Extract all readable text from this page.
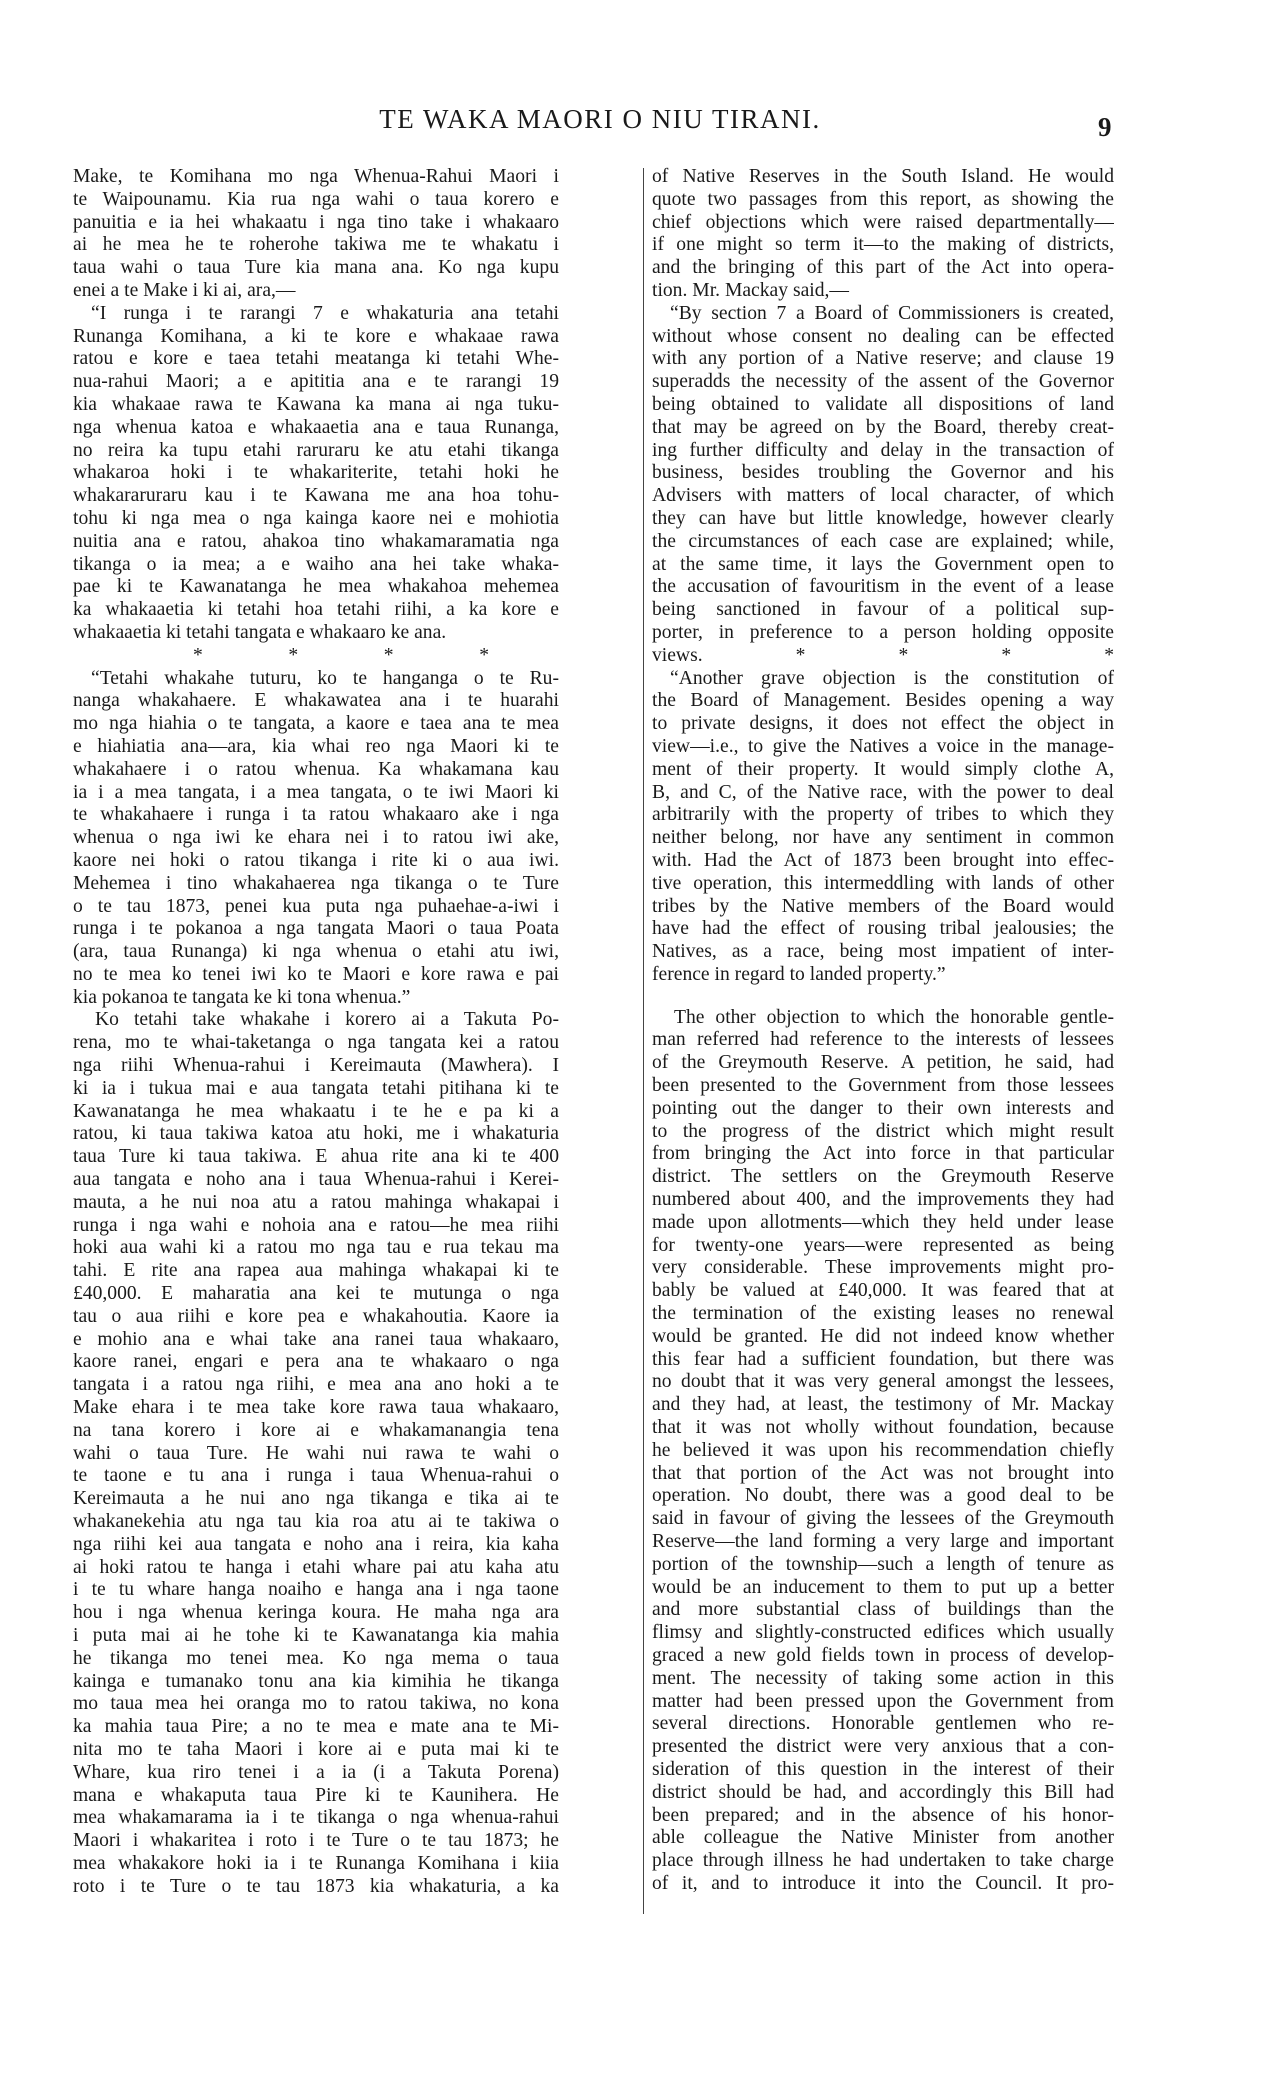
TE WAKA MAORI O NIU TIRANI.	9
Make, te Komihana mo nga Whenua-Rahui Maori i
te Waipounamu. Kia rua nga wahi o taua korero e
panuitia e ia hei whakaatu i nga tino take i whakaaro
ai he mea he te roherohe takiwa me te whakatu i
taua wahi o taua Ture kia mana ana. Ko nga kupu
enei a te Make i ki ai, ara,—
“I runga i te rarangi 7 e whakaturia ana tetahi
Runanga Komihana, a ki te kore e whakaae rawa
ratou e kore e taea tetahi meatanga ki tetahi Whe-
nua-rahui Maori; a e apititia ana e te rarangi 19
kia whakaae rawa te Kawana ka mana ai nga tuku-
nga whenua katoa e whakaaetia ana e taua Runanga,
no reira ka tupu etahi raruraru ke atu etahi tikanga
whakaroa hoki i te whakariterite, tetahi hoki he
whakararuraru kau i te Kawana me ana hoa tohu-
tohu ki nga mea o nga kainga kaore nei e mohiotia
nuitia ana e ratou, ahakoa tino whakamaramatia nga
tikanga o ia mea; a e waiho ana hei take whaka-
pae ki te Kawanatanga he mea whakahoa mehemea
ka whakaaetia ki tetahi hoa tetahi riihi, a ka kore e
whakaaetia ki tetahi tangata e whakaaro ke ana.
* * * *
“Tetahi whakahe tuturu, ko te hanganga o te Ru-
nanga whakahaere. E whakawatea ana i te huarahi
mo nga hiahia o te tangata, a kaore e taea ana te mea
e hiahiatia ana—ara, kia whai reo nga Maori ki te
whakahaere i o ratou whenua. Ka whakamana kau
ia i a mea tangata, i a mea tangata, o te iwi Maori ki
te whakahaere i runga i ta ratou whakaaro ake i nga
whenua o nga iwi ke ehara nei i to ratou iwi ake,
kaore nei hoki o ratou tikanga i rite ki o aua iwi.
Mehemea i tino whakahaerea nga tikanga o te Ture
o te tau 1873, penei kua puta nga puhaehae-a-iwi i
runga i te pokanoa a nga tangata Maori o taua Poata
(ara, taua Runanga) ki nga whenua o etahi atu iwi,
no te mea ko tenei iwi ko te Maori e kore rawa e pai
kia pokanoa te tangata ke ki tona whenua.”
Ko tetahi take whakahe i korero ai a Takuta Po-
rena, mo te whai-taketanga o nga tangata kei a ratou
nga riihi Whenua-rahui i Kereimauta (Mawhera). I
ki ia i tukua mai e aua tangata tetahi pitihana ki te
Kawanatanga he mea whakaatu i te he e pa ki a
ratou, ki taua takiwa katoa atu hoki, me i whakaturia
taua Ture ki taua takiwa. E ahua rite ana ki te 400
aua tangata e noho ana i taua Whenua-rahui i Kerei-
mauta, a he nui noa atu a ratou mahinga whakapai i
runga i nga wahi e nohoia ana e ratou—he mea riihi
hoki aua wahi ki a ratou mo nga tau e rua tekau ma
tahi. E rite ana rapea aua mahinga whakapai ki te
£40,000. E maharatia ana kei te mutunga o nga
tau o aua riihi e kore pea e whakahoutia. Kaore ia
e mohio ana e whai take ana ranei taua whakaaro,
kaore ranei, engari e pera ana te whakaaro o nga
tangata i a ratou nga riihi, e mea ana ano hoki a te
Make ehara i te mea take kore rawa taua whakaaro,
na tana korero i kore ai e whakamanangia tena
wahi o taua Ture. He wahi nui rawa te wahi o
te taone e tu ana i runga i taua Whenua-rahui o
Kereimauta a he nui ano nga tikanga e tika ai te
whakanekehia atu nga tau kia roa atu ai te takiwa o
nga riihi kei aua tangata e noho ana i reira, kia kaha
ai hoki ratou te hanga i etahi whare pai atu kaha atu
i te tu whare hanga noaiho e hanga ana i nga taone
hou i nga whenua keringa koura. He maha nga ara
i puta mai ai he tohe ki te Kawanatanga kia mahia
he tikanga mo tenei mea. Ko nga mema o taua
kainga e tumanako tonu ana kia kimihia he tikanga
mo taua mea hei oranga mo to ratou takiwa, no kona
ka mahia taua Pire; a no te mea e mate ana te Mi-
nita mo te taha Maori i kore ai e puta mai ki te
Whare, kua riro tenei i a ia (i a Takuta Porena)
mana e whakaputa taua Pire ki te Kaunihera. He
mea whakamarama ia i te tikanga o nga whenua-rahui
Maori i whakaritea i roto i te Ture o te tau 1873; he
mea whakakore hoki ia i te Runanga Komihana i kiia
roto i te Ture o te tau 1873 kia whakaturia, a ka
of Native Reserves in the South Island. He would
quote two passages from this report, as showing the
chief objections which were raised departmentally—
if one might so term it—to the making of districts,
and the bringing of this part of the Act into opera-
tion. Mr. Mackay said,—
“By section 7 a Board of Commissioners is created,
without whose consent no dealing can be effected
with any portion of a Native reserve; and clause 19
superadds the necessity of the assent of the Governor
being obtained to validate all dispositions of land
that may be agreed on by the Board, thereby creat-
ing further difficulty and delay in the transaction of
business, besides troubling the Governor and his
Advisers with matters of local character, of which
they can have but little knowledge, however clearly
the circumstances of each case are explained; while,
at the same time, it lays the Government open to
the accusation of favouritism in the event of a lease
being sanctioned in favour of a political sup-
porter, in preference to a person holding opposite
views. * * * *
“Another grave objection is the constitution of
the Board of Management. Besides opening a way
to private designs, it does not effect the object in
view—i.e., to give the Natives a voice in the manage-
ment of their property. It would simply clothe A,
B, and C, of the Native race, with the power to deal
arbitrarily with the property of tribes to which they
neither belong, nor have any sentiment in common
with. Had the Act of 1873 been brought into effec-
tive operation, this intermeddling with lands of other
tribes by the Native members of the Board would
have had the effect of rousing tribal jealousies; the
Natives, as a race, being most impatient of inter-
ference in regard to landed property.”
The other objection to which the honorable gentle-
man referred had reference to the interests of lessees
of the Greymouth Reserve. A petition, he said, had
been presented to the Government from those lessees
pointing out the danger to their own interests and
to the progress of the district which might result
from bringing the Act into force in that particular
district. The settlers on the Greymouth Reserve
numbered about 400, and the improvements they had
made upon allotments—which they held under lease
for twenty-one years—were represented as being
very considerable. These improvements might pro-
bably be valued at £40,000. It was feared that at
the termination of the existing leases no renewal
would be granted. He did not indeed know whether
this fear had a sufficient foundation, but there was
no doubt that it was very general amongst the lessees,
and they had, at least, the testimony of Mr. Mackay
that it was not wholly without foundation, because
he believed it was upon his recommendation chiefly
that that portion of the Act was not brought into
operation. No doubt, there was a good deal to be
said in favour of giving the lessees of the Greymouth
Reserve—the land forming a very large and important
portion of the township—such a length of tenure as
would be an inducement to them to put up a better
and more substantial class of buildings than the
flimsy and slightly-constructed edifices which usually
graced a new gold fields town in process of develop-
ment. The necessity of taking some action in this
matter had been pressed upon the Government from
several directions. Honorable gentlemen who re-
presented the district were very anxious that a con-
sideration of this question in the interest of their
district should be had, and accordingly this Bill had
been prepared; and in the absence of his honor-
able colleague the Native Minister from another
place through illness he had undertaken to take charge
of it, and to introduce it into the Council. It pro-
